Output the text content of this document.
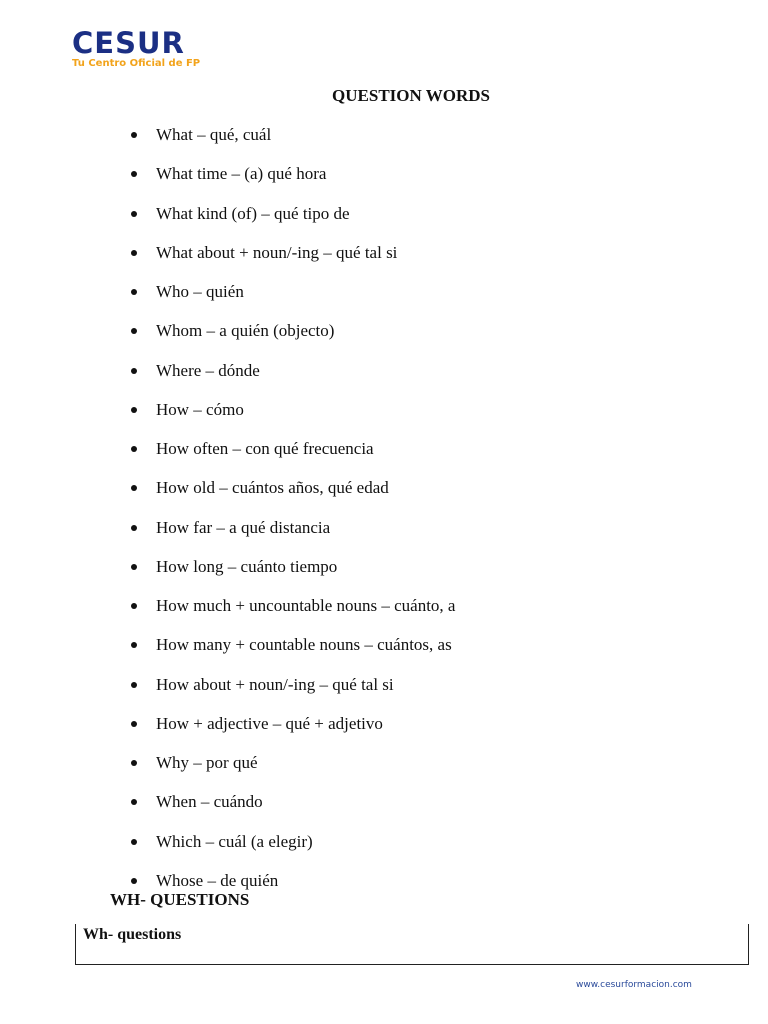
CESUR
Tu Centro Oficial de FP
QUESTION WORDS
What – qué, cuál
What time – (a) qué hora
What kind (of) – qué tipo de
What about + noun/-ing – qué tal si
Who – quién
Whom – a quién (objecto)
Where – dónde
How – cómo
How often – con qué frecuencia
How old – cuántos años, qué edad
How far – a qué distancia
How long – cuánto tiempo
How much + uncountable nouns – cuánto, a
How many + countable nouns – cuántos, as
How about + noun/-ing – qué tal si
How + adjective – qué + adjetivo
Why – por qué
When – cuándo
Which – cuál (a elegir)
Whose – de quién
WH- QUESTIONS
Wh- questions
www.cesurformacion.com
